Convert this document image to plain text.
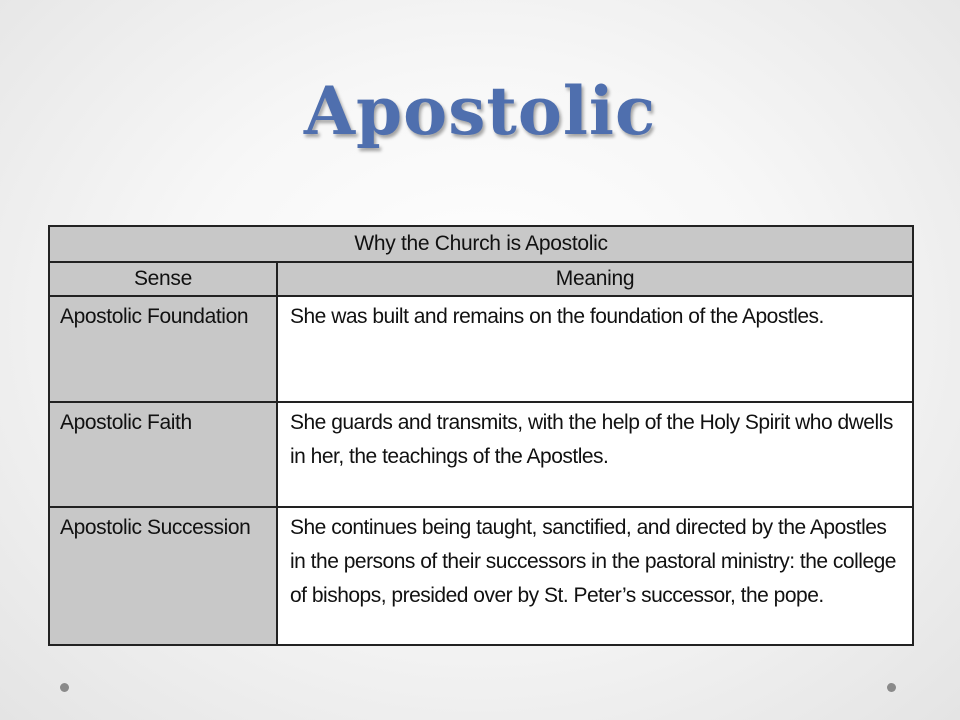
Apostolic
Why the Church is Apostolic	
Sense	Meaning
Apostolic Foundation	She was built and remains on the foundation of the Apostles.
Apostolic Faith	She guards and transmits, with the help of the Holy Spirit who dwells in her, the teachings of the Apostles.
Apostolic Succession	She continues being taught, sanctified, and directed by the Apostles in the persons of their successors in the pastoral ministry: the college of bishops, presided over by St. Peter’s successor, the pope.
